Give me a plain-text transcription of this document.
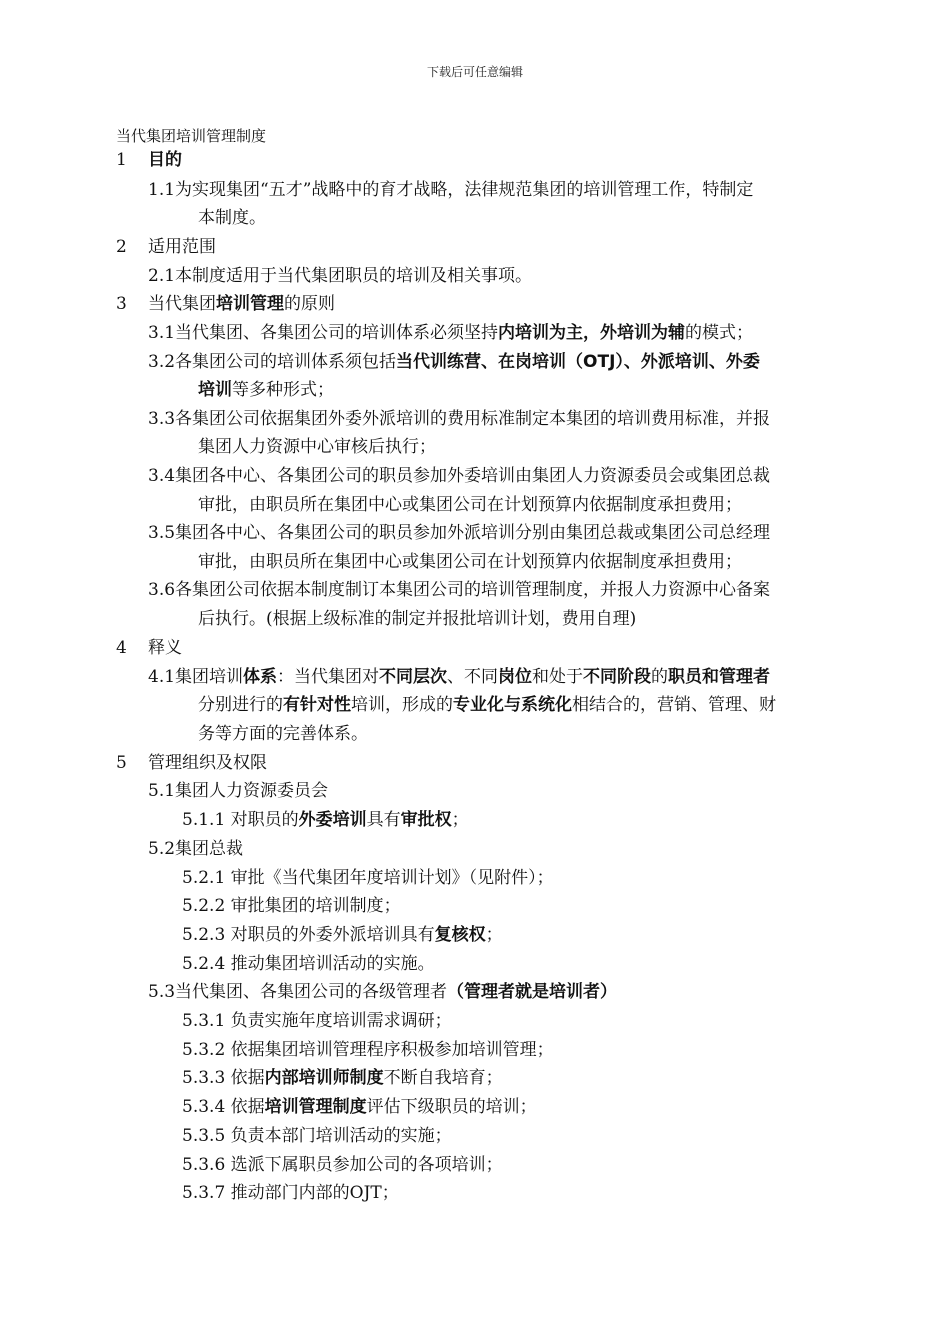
下载后可任意编辑
当代集团培训管理制度
1 目的
1.1为实现集团“五才”战略中的育才战略，法律规范集团的培训管理工作，特制定
本制度。
2 适用范围
2.1本制度适用于当代集团职员的培训及相关事项。
3 当代集团培训管理的原则
3.1当代集团、各集团公司的培训体系必须坚持内培训为主，外培训为辅的模式；
3.2各集团公司的培训体系须包括当代训练营、在岗培训（OTJ）、外派培训、外委
培训等多种形式；
3.3各集团公司依据集团外委外派培训的费用标准制定本集团的培训费用标准，并报
集团人力资源中心审核后执行；
3.4集团各中心、各集团公司的职员参加外委培训由集团人力资源委员会或集团总裁
审批，由职员所在集团中心或集团公司在计划预算内依据制度承担费用；
3.5集团各中心、各集团公司的职员参加外派培训分别由集团总裁或集团公司总经理
审批，由职员所在集团中心或集团公司在计划预算内依据制度承担费用；
3.6各集团公司依据本制度制订本集团公司的培训管理制度，并报人力资源中心备案
后执行。(根据上级标准的制定并报批培训计划，费用自理)
4 释义
4.1集团培训体系：当代集团对不同层次、不同岗位和处于不同阶段的职员和管理者
分别进行的有针对性培训，形成的专业化与系统化相结合的，营销、管理、财
务等方面的完善体系。
5 管理组织及权限
5.1集团人力资源委员会
5.1.1 对职员的外委培训具有审批权；
5.2集团总裁
5.2.1 审批《当代集团年度培训计划》（见附件）；
5.2.2 审批集团的培训制度；
5.2.3 对职员的外委外派培训具有复核权；
5.2.4 推动集团培训活动的实施。
5.3当代集团、各集团公司的各级管理者（管理者就是培训者）
5.3.1 负责实施年度培训需求调研；
5.3.2 依据集团培训管理程序积极参加培训管理；
5.3.3 依据内部培训师制度不断自我培育；
5.3.4 依据培训管理制度评估下级职员的培训；
5.3.5 负责本部门培训活动的实施；
5.3.6 选派下属职员参加公司的各项培训；
5.3.7 推动部门内部的OJT；
